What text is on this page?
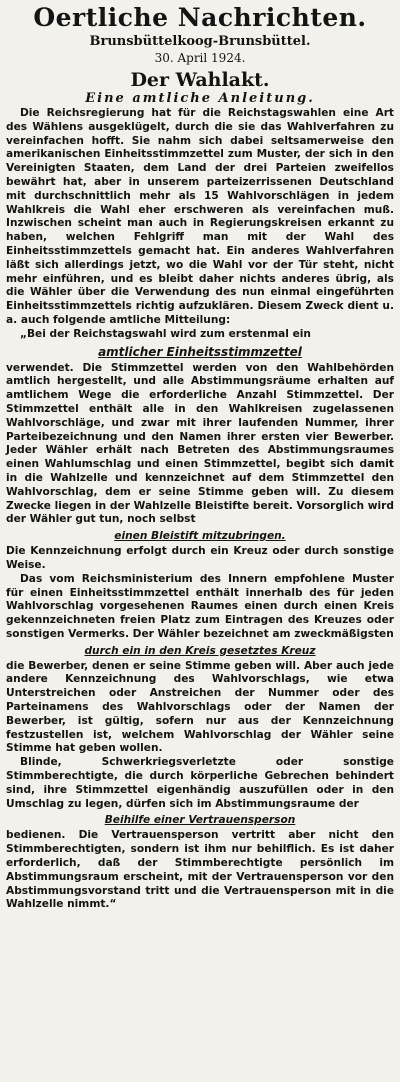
Oertliche Nachrichten.
Brunsbüttelkoog-Brunsbüttel.
30. April 1924.
Der Wahlakt.
Eine amtliche Anleitung.

Die Reichsregierung hat für die Reichstagswahlen eine Art des Wählens ausgeklügelt, durch die sie das Wahlverfahren zu vereinfachen hofft. Sie nahm sich dabei seltsamerweise den amerikanischen Einheitsstimmzettel zum Muster, der sich in den Vereinigten Staaten, dem Land der drei Parteien zweifellos bewährt hat, aber in unserem parteizerrissenen Deutschland mit durchschnittlich mehr als 15 Wahlvorschlägen in jedem Wahlkreis die Wahl eher erschweren als vereinfachen muß. Inzwischen scheint man auch in Regierungskreisen erkannt zu haben, welchen Fehlgriff man mit der Wahl des Einheitsstimmzettels gemacht hat. Ein anderes Wahlverfahren läßt sich allerdings jetzt, wo die Wahl vor der Tür steht, nicht mehr einführen, und es bleibt daher nichts anderes übrig, als die Wähler über die Verwendung des nun einmal eingeführten Einheitsstimmzettels richtig aufzuklären. Diesem Zweck dient u. a. auch folgende amtliche Mitteilung:

„Bei der Reichstagswahl wird zum erstenmal ein

amtlicher Einheitsstimmzettel

verwendet. Die Stimmzettel werden von den Wahlbehörden amtlich hergestellt, und alle Abstimmungsräume erhalten auf amtlichem Wege die erforderliche Anzahl Stimmzettel. Der Stimmzettel enthält alle in den Wahlkreisen zugelassenen Wahlvorschläge, und zwar mit ihrer laufenden Nummer, ihrer Parteibezeichnung und den Namen ihrer ersten vier Bewerber. Jeder Wähler erhält nach Betreten des Abstimmungsraumes einen Wahlumschlag und einen Stimmzettel, begibt sich damit in die Wahlzelle und kennzeichnet auf dem Stimmzettel den Wahlvorschlag, dem er seine Stimme geben will. Zu diesem Zwecke liegen in der Wahlzelle Bleistifte bereit. Vorsorglich wird der Wähler gut tun, noch selbst

einen Bleistift mitzubringen.

Die Kennzeichnung erfolgt durch ein Kreuz oder durch sonstige Weise.

Das vom Reichsministerium des Innern empfohlene Muster für einen Einheitsstimmzettel enthält innerhalb des für jeden Wahlvorschlag vorgesehenen Raumes einen durch einen Kreis gekennzeichneten freien Platz zum Eintragen des Kreuzes oder sonstigen Vermerks. Der Wähler bezeichnet am zweckmäßigsten

durch ein in den Kreis gesetztes Kreuz

die Bewerber, denen er seine Stimme geben will. Aber auch jede andere Kennzeichnung des Wahlvorschlags, wie etwa Unterstreichen oder Anstreichen der Nummer oder des Parteinamens des Wahlvorschlags oder der Namen der Bewerber, ist gültig, sofern nur aus der Kennzeichnung festzustellen ist, welchem Wahlvorschlag der Wähler seine Stimme hat geben wollen.

Blinde, Schwerkriegsverletzte oder sonstige Stimmberechtigte, die durch körperliche Gebrechen behindert sind, ihre Stimmzettel eigenhändig auszufüllen oder in den Umschlag zu legen, dürfen sich im Abstimmungsraume der

Beihilfe einer Vertrauensperson

bedienen. Die Vertrauensperson vertritt aber nicht den Stimmberechtigten, sondern ist ihm nur behilflich. Es ist daher erforderlich, daß der Stimmberechtigte persönlich im Abstimmungsraum erscheint, mit der Vertrauensperson vor den Abstimmungsvorstand tritt und die Vertrauensperson mit in die Wahlzelle nimmt.“
